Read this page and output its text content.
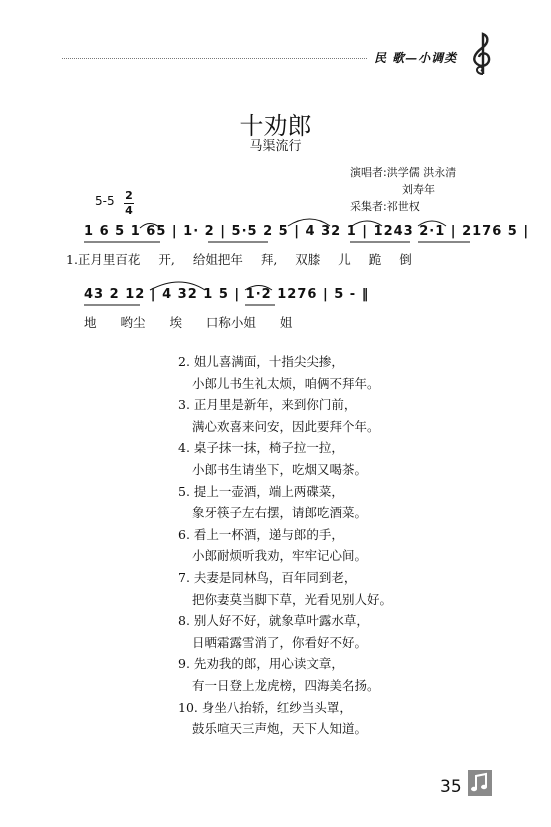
民 歌—小调类
十劝郎
马渠流行
演唱者:洪学儒 洪永清
刘寿年
采集者:祁世权
5-5 2
4
1 6 5 1 65 | 1· 2 | 5·5 2 5 | 4 32 1 | 1243 2·1 | 2176 5 |
1.正月里百花 开, 给姐把年 拜, 双膝 儿 跪 倒
43 2 12 | 4 32 1 5 | 1·2 1276 | 5 - ‖
地 哟尘 埃 口称小姐 姐
2. 姐儿喜满面，十指尖尖掺，
小郎儿书生礼太烦，咱俩不拜年。
3. 正月里是新年，来到你门前，
满心欢喜来问安，因此要拜个年。
4. 桌子抹一抹，椅子拉一拉，
小郎书生请坐下，吃烟又喝茶。
5. 提上一壶酒，端上两碟菜，
象牙筷子左右摆，请郎吃酒菜。
6. 看上一杯酒，递与郎的手，
小郎耐烦听我劝，牢牢记心间。
7. 夫妻是同林鸟，百年同到老，
把你妻莫当脚下草，光看见别人好。
8. 别人好不好，就象草叶露水草，
日晒霜露雪消了，你看好不好。
9. 先劝我的郎，用心读文章，
有一日登上龙虎榜，四海美名扬。
10. 身坐八抬轿，红纱当头罩，
鼓乐喧天三声炮，天下人知道。
35
